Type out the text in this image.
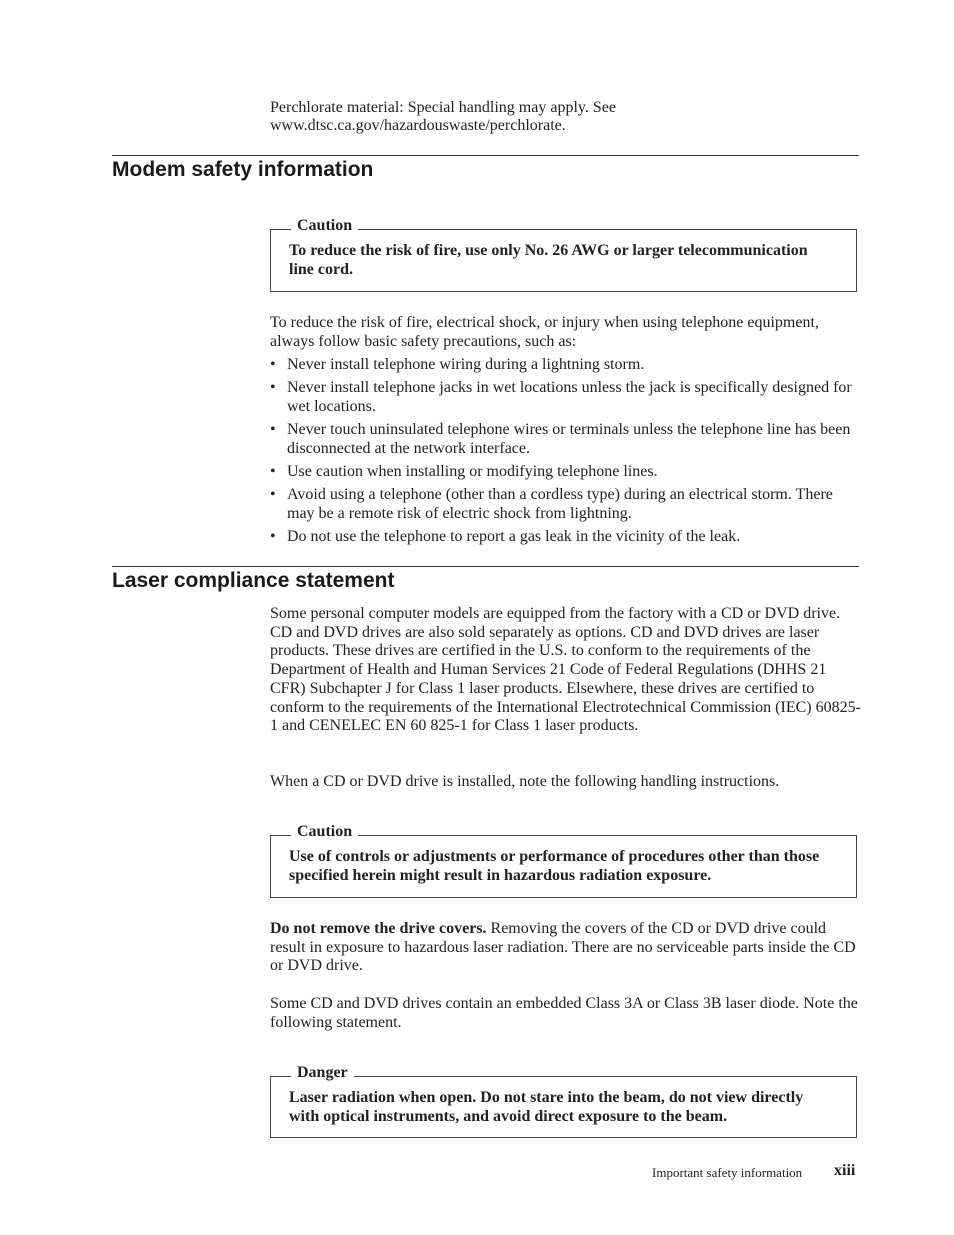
Perchlorate material: Special handling may apply. See

www.dtsc.ca.gov/hazardouswaste/perchlorate.

Modem safety information
Caution

To reduce the risk of fire, use only No. 26 AWG or larger telecommunication line cord.

To reduce the risk of fire, electrical shock, or injury when using telephone equipment, always follow basic safety precautions, such as:

• Never install telephone wiring during a lightning storm.
• Never install telephone jacks in wet locations unless the jack is specifically designed for wet locations.
• Never touch uninsulated telephone wires or terminals unless the telephone line has been disconnected at the network interface.
• Use caution when installing or modifying telephone lines.
• Avoid using a telephone (other than a cordless type) during an electrical storm. There may be a remote risk of electric shock from lightning.
• Do not use the telephone to report a gas leak in the vicinity of the leak.
Laser compliance statement

Some personal computer models are equipped from the factory with a CD or DVD drive. CD and DVD drives are also sold separately as options. CD and DVD drives are laser products. These drives are certified in the U.S. to conform to the requirements of the Department of Health and Human Services 21 Code of Federal Regulations (DHHS 21 CFR) Subchapter J for Class 1 laser products. Elsewhere, these drives are certified to conform to the requirements of the International Electrotechnical Commission (IEC) 60825-1 and CENELEC EN 60 825-1 for Class 1 laser products.

When a CD or DVD drive is installed, note the following handling instructions.

Caution

Use of controls or adjustments or performance of procedures other than those specified herein might result in hazardous radiation exposure.

Do not remove the drive covers. Removing the covers of the CD or DVD drive could result in exposure to hazardous laser radiation. There are no serviceable parts inside the CD or DVD drive.

Some CD and DVD drives contain an embedded Class 3A or Class 3B laser diode. Note the following statement.

Danger

Laser radiation when open. Do not stare into the beam, do not view directly with optical instruments, and avoid direct exposure to the beam.

Important safety information xiii
